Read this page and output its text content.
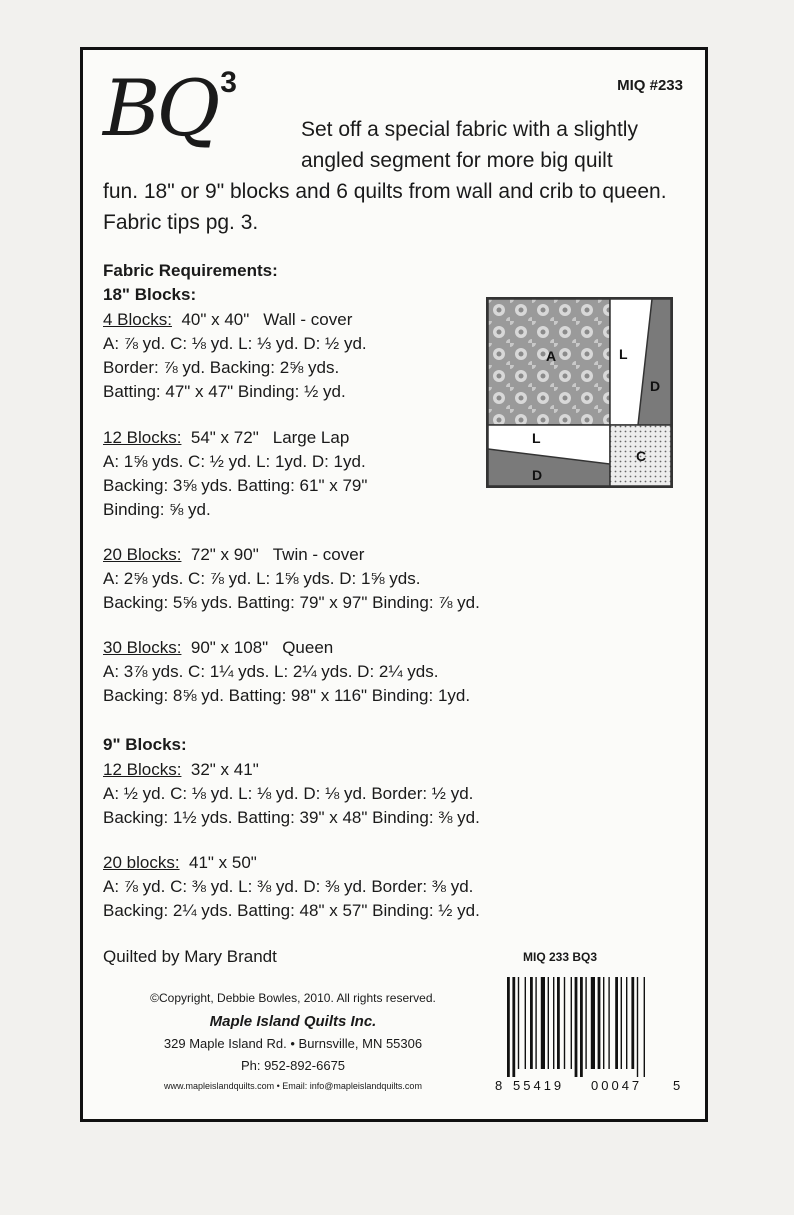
MIQ #233
BQ $^3$

Set off a special fabric with a slightly angled segment for more big quilt

fun. 18" or 9" blocks and 6 quilts from wall and crib to queen. Fabric tips pg. 3.

Fabric Requirements:
18" Blocks:
4 Blocks: 40" x 40" Wall - cover
A: ⅞ yd. C: ⅛ yd. L: ⅓ yd. D: ½ yd.
Border: ⅞ yd. Backing: 2⅝ yds.
Batting: 47" x 47" Binding: ½ yd.
12 Blocks: 54" x 72" Large Lap
A: 1⅝ yds. C: ½ yd. L: 1yd. D: 1yd.
Backing: 3⅝ yds. Batting: 61" x 79"
Binding: ⅝ yd.
20 Blocks: 72" x 90" Twin - cover
A: 2⅝ yds. C: ⅞ yd. L: 1⅝ yds. D: 1⅝ yds.
Backing: 5⅝ yds. Batting: 79" x 97" Binding: ⅞ yd.
30 Blocks: 90" x 108" Queen
A: 3⅞ yds. C: 1¼ yds. L: 2¼ yds. D: 2¼ yds.
Backing: 8⅝ yd. Batting: 98" x 116" Binding: 1yd.
9" Blocks:
12 Blocks: 32" x 41"
A: ½ yd. C: ⅛ yd. L: ⅛ yd. D: ⅛ yd. Border: ½ yd.
Backing: 1½ yds. Batting: 39" x 48" Binding: ⅜ yd.
20 blocks: 41" x 50"
A: ⅞ yd. C: ⅜ yd. L: ⅜ yd. D: ⅜ yd. Border: ⅜ yd.
Backing: 2¼ yds. Batting: 48" x 57" Binding: ½ yd.
A	L
D
L
D
C
Quilted by Mary Brandt	MIQ 233 BQ3
©Copyright, Debbie Bowles, 2010. All rights reserved.
Maple Island Quilts Inc.
329 Maple Island Rd. • Burnsville, MN 55306
Ph: 952-892-6675
www.mapleislandquilts.com • Email: info@mapleislandquilts.com	8 55419 00047 5
